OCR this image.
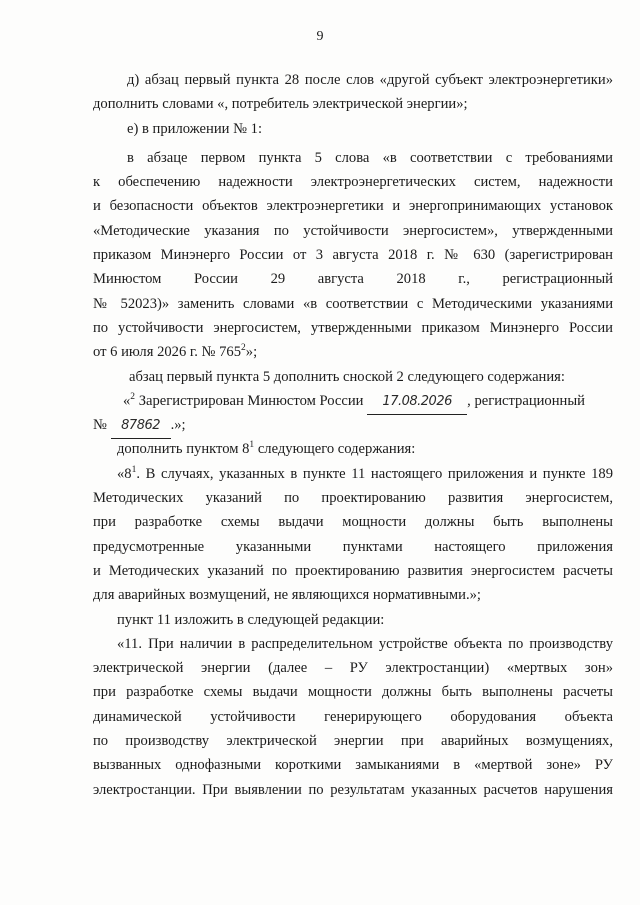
9
д) абзац первый пункта 28 после слов «другой субъект электроэнергетики»
дополнить словами «, потребитель электрической энергии»;
е) в приложении № 1:
в абзаце первом пункта 5 слова «в соответствии с требованиями
к обеспечению надежности электроэнергетических систем, надежности
и безопасности объектов электроэнергетики и энергопринимающих установок
«Методические указания по устойчивости энергосистем», утвержденными
приказом Минэнерго России от 3 августа 2018 г. № 630 (зарегистрирован
Минюстом России 29 августа 2018 г., регистрационный
№ 52023)» заменить словами «в соответствии с Методическими указаниями
по устойчивости энергосистем, утвержденными приказом Минэнерго России
от 6 июля 2026 г. № $765^2$»;
абзац первый пункта 5 дополнить сноской 2 следующего содержания:
«$^2$ Зарегистрирован Минюстом России 17.08.2026 , регистрационный
№ 87862 .»;
дополнить пунктом $8^1$ следующего содержания:
«$8^1$. В случаях, указанных в пункте 11 настоящего приложения и пункте 189
Методических указаний по проектированию развития энергосистем,
при разработке схемы выдачи мощности должны быть выполнены
предусмотренные указанными пунктами настоящего приложения
и Методических указаний по проектированию развития энергосистем расчеты
для аварийных возмущений, не являющихся нормативными.»;
пункт 11 изложить в следующей редакции:
«11. При наличии в распределительном устройстве объекта по производству
электрической энергии (далее – РУ электростанции) «мертвых зон»
при разработке схемы выдачи мощности должны быть выполнены расчеты
динамической устойчивости генерирующего оборудования объекта
по производству электрической энергии при аварийных возмущениях,
вызванных однофазными короткими замыканиями в «мертвой зоне» РУ
электростанции. При выявлении по результатам указанных расчетов нарушения
